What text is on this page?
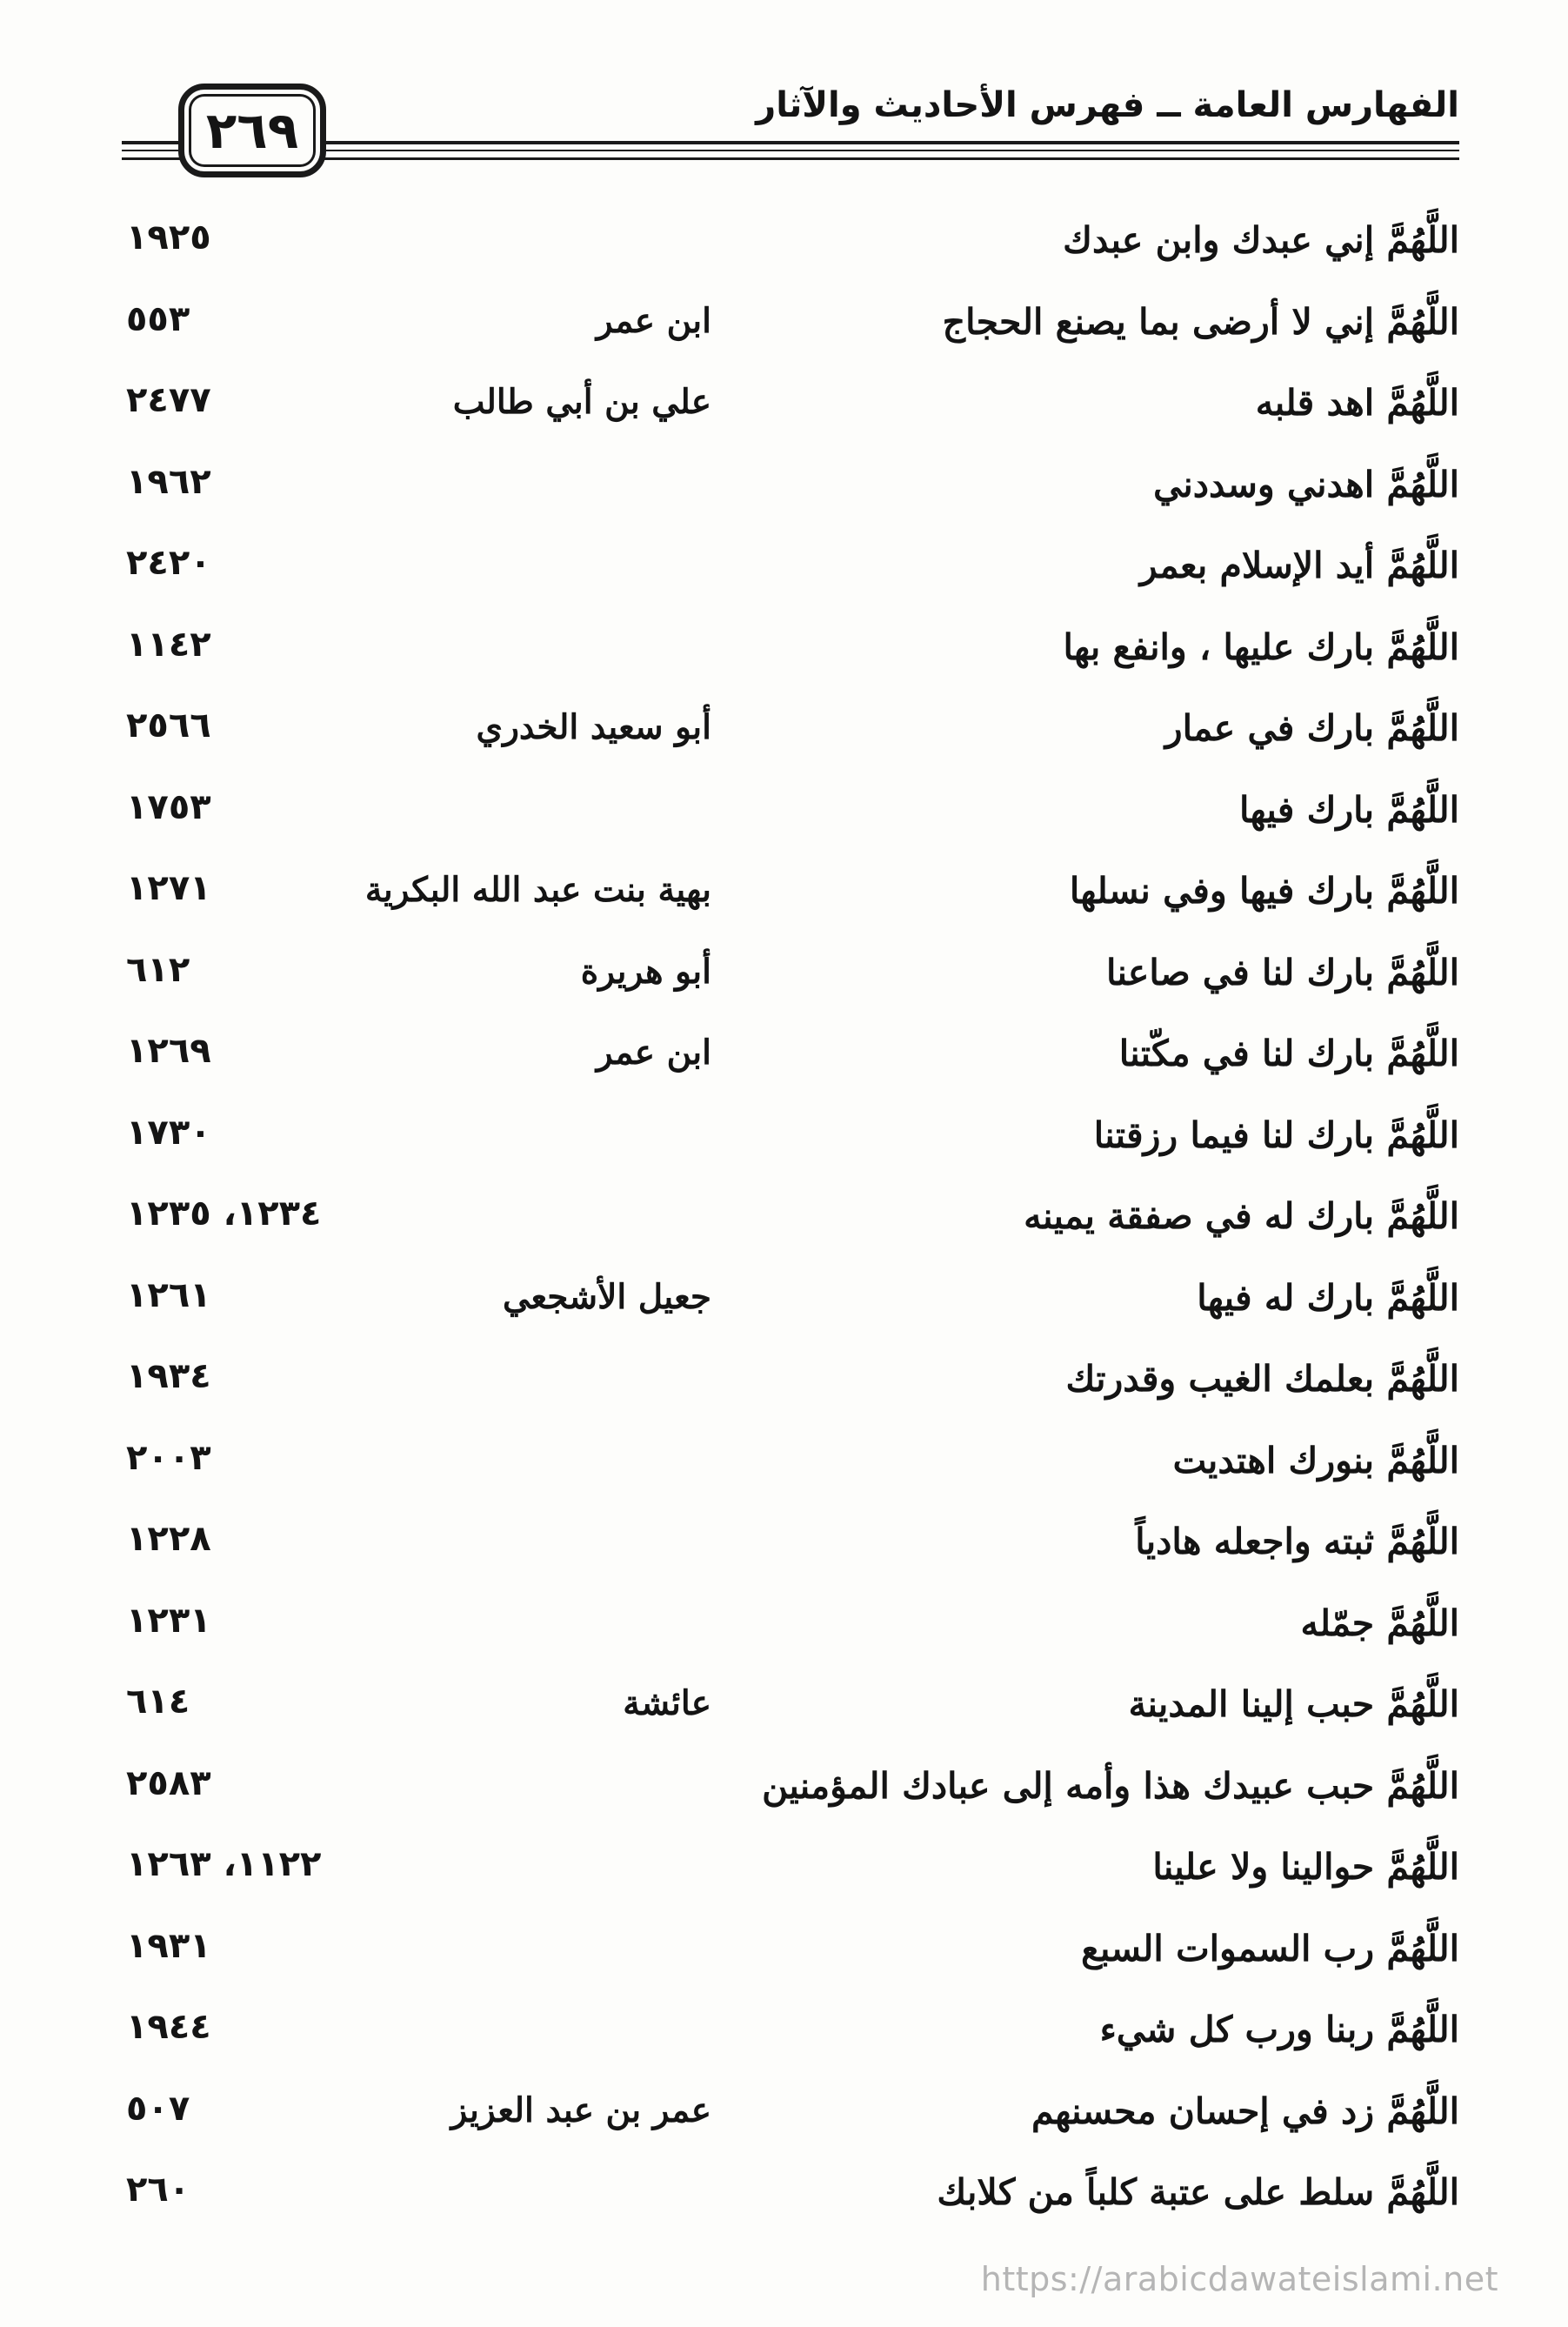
الفهارس العامة ــ فهرس الأحاديث والآثار
٢٦٩
اللَّهُمَّ إني عبدك وابن عبدك
١٩٢٥
اللَّهُمَّ إني لا أرضى بما يصنع الحجاج
ابن عمر
٥٥٣
اللَّهُمَّ اهد قلبه
علي بن أبي طالب
٢٤٧٧
اللَّهُمَّ اهدني وسددني
١٩٦٢
اللَّهُمَّ أيد الإسلام بعمر
٢٤٢٠
اللَّهُمَّ بارك عليها ، وانفع بها
١١٤٢
اللَّهُمَّ بارك في عمار
أبو سعيد الخدري
٢٥٦٦
اللَّهُمَّ بارك فيها
١٧٥٣
اللَّهُمَّ بارك فيها وفي نسلها
بهية بنت عبد الله البكرية
١٢٧١
اللَّهُمَّ بارك لنا في صاعنا
أبو هريرة
٦١٢
اللَّهُمَّ بارك لنا في مكّتنا
ابن عمر
١٢٦٩
اللَّهُمَّ بارك لنا فيما رزقتنا
١٧٣٠
اللَّهُمَّ بارك له في صفقة يمينه
١٢٣٤، ١٢٣٥
اللَّهُمَّ بارك له فيها
جعيل الأشجعي
١٢٦١
اللَّهُمَّ بعلمك الغيب وقدرتك
١٩٣٤
اللَّهُمَّ بنورك اهتديت
٢٠٠٣
اللَّهُمَّ ثبته واجعله هادياً
١٢٢٨
اللَّهُمَّ جمّله
١٢٣١
اللَّهُمَّ حبب إلينا المدينة
عائشة
٦١٤
اللَّهُمَّ حبب عبيدك هذا وأمه إلى عبادك المؤمنين
٢٥٨٣
اللَّهُمَّ حوالينا ولا علينا
١١٢٢، ١٢٦٣
اللَّهُمَّ رب السموات السبع
١٩٣١
اللَّهُمَّ ربنا ورب كل شيء
١٩٤٤
اللَّهُمَّ زد في إحسان محسنهم
عمر بن عبد العزيز
٥٠٧
اللَّهُمَّ سلط على عتبة كلباً من كلابك
٢٦٠
https://arabicdawateislami.net
